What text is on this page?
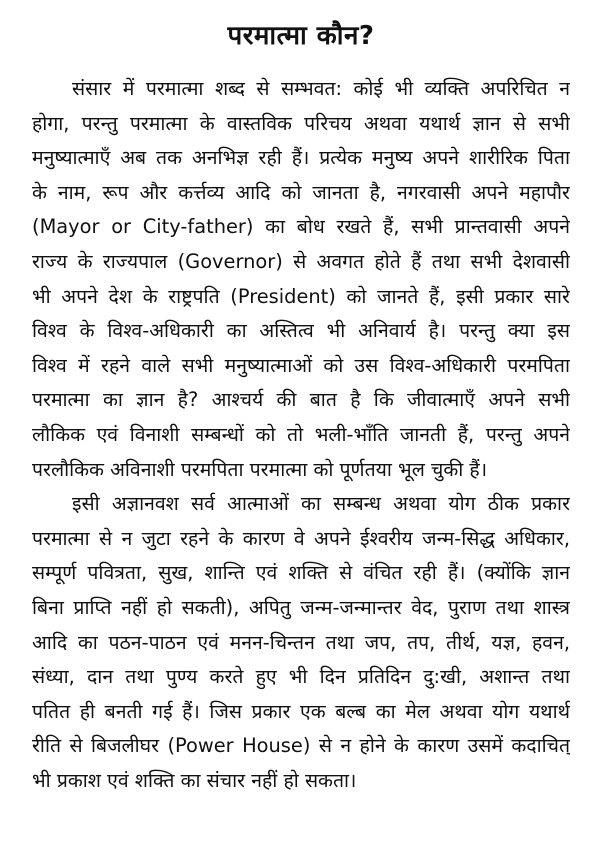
परमात्मा कौन?

संसार में परमात्मा शब्द से सम्भवत: कोई भी व्यक्ति अपरिचित न
होगा, परन्तु परमात्मा के वास्तविक परिचय अथवा यथार्थ ज्ञान से सभी
मनुष्यात्माएँ अब तक अनभिज्ञ रही हैं। प्रत्येक मनुष्य अपने शारीरिक पिता
के नाम, रूप और कर्त्तव्य आदि को जानता है, नगरवासी अपने महापौर
(Mayor or City-father) का बोध रखते हैं, सभी प्रान्तवासी अपने
राज्य के राज्यपाल (Governor) से अवगत होते हैं तथा सभी देशवासी
भी अपने देश के राष्ट्रपति (President) को जानते हैं, इसी प्रकार सारे
विश्व के विश्व-अधिकारी का अस्तित्व भी अनिवार्य है। परन्तु क्या इस
विश्व में रहने वाले सभी मनुष्यात्माओं को उस विश्व-अधिकारी परमपिता
परमात्मा का ज्ञान है? आश्चर्य की बात है कि जीवात्माएँ अपने सभी
लौकिक एवं विनाशी सम्बन्धों को तो भली-भाँति जानती हैं, परन्तु अपने
परलौकिक अविनाशी परमपिता परमात्मा को पूर्णतया भूल चुकी हैं।

इसी अज्ञानवश सर्व आत्माओं का सम्बन्ध अथवा योग ठीक प्रकार
परमात्मा से न जुटा रहने के कारण वे अपने ईश्वरीय जन्म-सिद्ध अधिकार,
सम्पूर्ण पवित्रता, सुख, शान्ति एवं शक्ति से वंचित रही हैं। (क्योंकि ज्ञान
बिना प्राप्ति नहीं हो सकती), अपितु जन्म-जन्मान्तर वेद, पुराण तथा शास्त्र
आदि का पठन-पाठन एवं मनन-चिन्तन तथा जप, तप, तीर्थ, यज्ञ, हवन,
संध्या, दान तथा पुण्य करते हुए भी दिन प्रतिदिन दु:खी, अशान्त तथा
पतित ही बनती गई हैं। जिस प्रकार एक बल्ब का मेल अथवा योग यथार्थ
रीति से बिजलीघर (Power House) से न होने के कारण उसमें कदाचित्
भी प्रकाश एवं शक्ति का संचार नहीं हो सकता।
